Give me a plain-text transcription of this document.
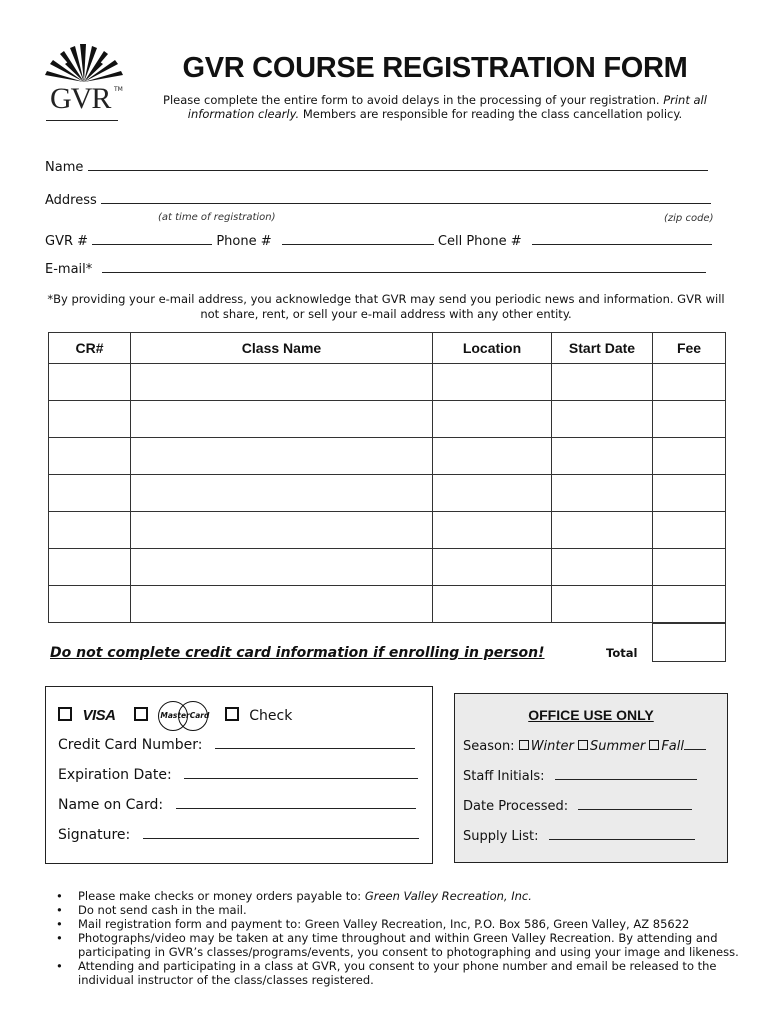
GVR TM
GVR COURSE REGISTRATION FORM
Please complete the entire form to avoid delays in the processing of your registration. Print all information clearly. Members are responsible for reading the class cancellation policy.
Name
Address
(at time of registration)	(zip code)
GVR #	Phone #	Cell Phone #
E-mail*
*By providing your e-mail address, you acknowledge that GVR may send you periodic news and information. GVR will not share, rent, or sell your e-mail address with any other entity.
CR#	Class Name	Location	Start Date	Fee

Do not complete credit card information if enrolling in person!	Total
VISA	MasterCard	Check
Credit Card Number:
Expiration Date:
Name on Card:
Signature:
OFFICE USE ONLY
Season: Winter Summer Fall
Staff Initials:
Date Processed:
Supply List:
• Please make checks or money orders payable to: Green Valley Recreation, Inc.
• Do not send cash in the mail.
• Mail registration form and payment to: Green Valley Recreation, Inc, P.O. Box 586, Green Valley, AZ 85622
• Photographs/video may be taken at any time throughout and within Green Valley Recreation. By attending and participating in GVR’s classes/programs/events, you consent to photographing and using your image and likeness.
• Attending and participating in a class at GVR, you consent to your phone number and email be released to the individual instructor of the class/classes registered.
